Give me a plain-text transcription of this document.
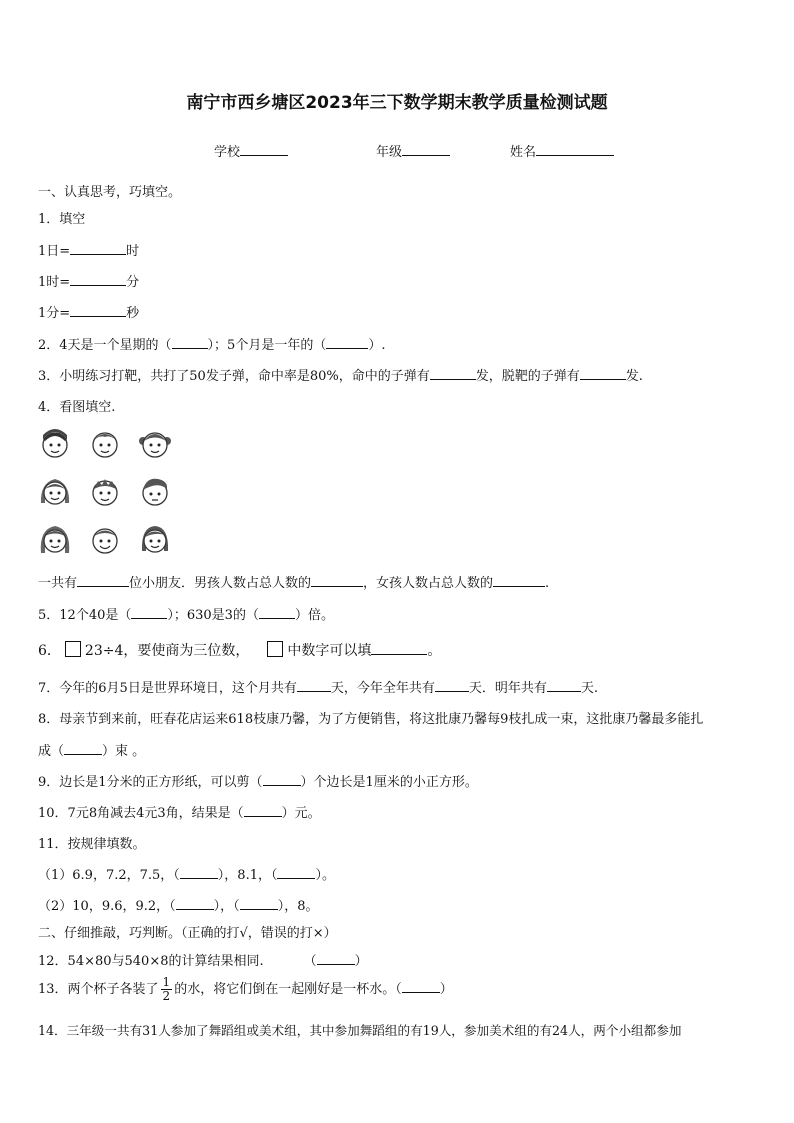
南宁市西乡塘区2023年三下数学期末教学质量检测试题
学校	年级	姓名
一、认真思考，巧填空。
1．填空
1日=	时
1时=	分
1分=	秒
2．4天是一个星期的（	）；5个月是一年的（	）.
3．小明练习打靶，共打了50发子弹，命中率是80%，命中的子弹有	发，脱靶的子弹有	发.
4．看图填空.
一共有	位小朋友．男孩人数占总人数的	，女孩人数占总人数的	.
5．12个40是（	）；630是3的（	）倍。
6． 23÷4，要使商为三位数，	中数字可以填	。
7．今年的6月5日是世界环境日，这个月共有	天，今年全年共有	天．明年共有	天.
8．母亲节到来前，旺春花店运来618枝康乃馨，为了方便销售，将这批康乃馨每9枝扎成一束，这批康乃馨最多能扎
成（	）束 。
9．边长是1分米的正方形纸，可以剪（	）个边长是1厘米的小正方形。
10．7元8角减去4元3角，结果是（	）元。
11．按规律填数。
（1）6.9，7.2，7.5，（	），8.1，（	）。
（2）10，9.6，9.2，（	），（	），8。
二、仔细推敲，巧判断。（正确的打√，错误的打×）
12．54×80与540×8的计算结果相同.	（	）
13．两个杯子各装了 $\frac{1}{2}$ 的水，将它们倒在一起刚好是一杯水。（	）
14．三年级一共有31人参加了舞蹈组或美术组，其中参加舞蹈组的有19人，参加美术组的有24人，两个小组都参加
